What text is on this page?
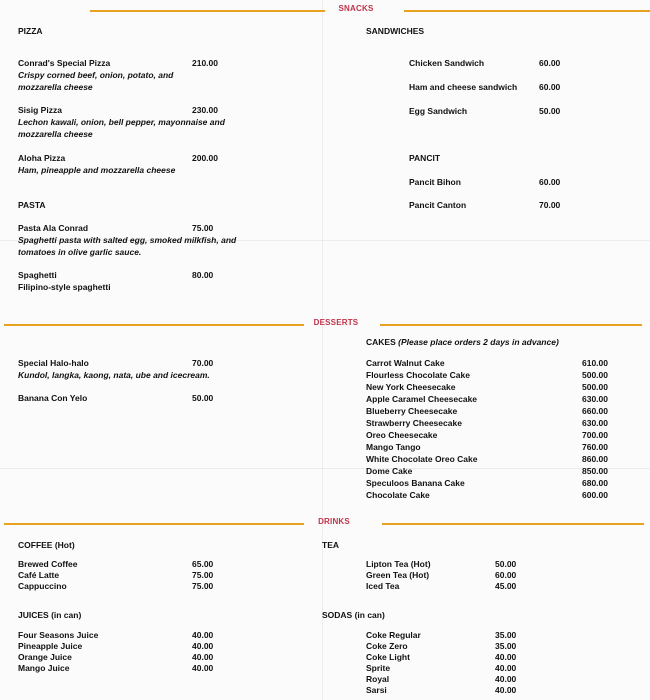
SNACKS
PIZZA
Conrad's Special Pizza	210.00
Crispy corned beef, onion, potato, and mozzarella cheese
Sisig Pizza	230.00
Lechon kawali, onion, bell pepper, mayonnaise and mozzarella cheese
Aloha Pizza	200.00
Ham, pineapple and mozzarella cheese
PASTA
Pasta Ala Conrad	75.00
Spaghetti pasta with salted egg, smoked milkfish, and tomatoes in olive garlic sauce.
Spaghetti	80.00
Filipino-style spaghetti
SANDWICHES
Chicken Sandwich	60.00
Ham and cheese sandwich	60.00
Egg Sandwich	50.00
PANCIT
Pancit Bihon	60.00
Pancit Canton	70.00
DESSERTS
Special Halo-halo	70.00
Kundol, langka, kaong, nata, ube and icecream.
Banana Con Yelo	50.00
CAKES (Please place orders 2 days in advance)
Carrot Walnut Cake	610.00
Flourless Chocolate Cake	500.00
New York Cheesecake	500.00
Apple Caramel Cheesecake	630.00
Blueberry Cheesecake	660.00
Strawberry Cheesecake	630.00
Oreo Cheesecake	700.00
Mango Tango	760.00
White Chocolate Oreo Cake	860.00
Dome Cake	850.00
Speculoos Banana Cake	680.00
Chocolate Cake	600.00
DRINKS
COFFEE (Hot)
Brewed Coffee	65.00
Café Latte	75.00
Cappuccino	75.00
TEA
Lipton Tea (Hot)	50.00
Green Tea (Hot)	60.00
Iced Tea	45.00
JUICES (in can)
Four Seasons Juice	40.00
Pineapple Juice	40.00
Orange Juice	40.00
Mango Juice	40.00
SODAS (in can)
Coke Regular	35.00
Coke Zero	35.00
Coke Light	40.00
Sprite	40.00
Royal	40.00
Sarsi	40.00
